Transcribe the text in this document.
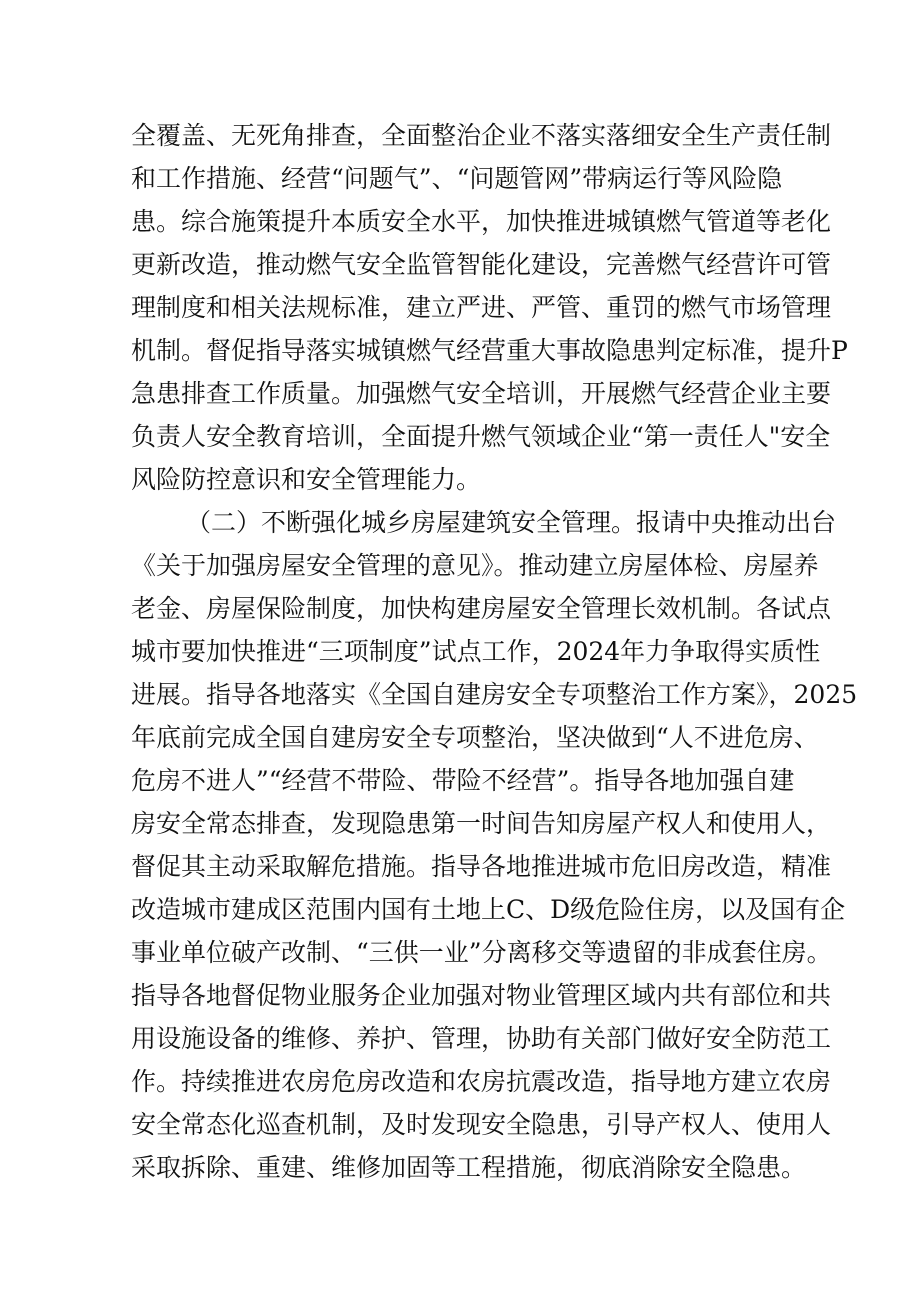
全覆盖、无死角排查，全面整治企业不落实落细安全生产责任制
和工作措施、经营“问题气”、“问题管网”带病运行等风险隐
患。综合施策提升本质安全水平，加快推进城镇燃气管道等老化
更新改造，推动燃气安全监管智能化建设，完善燃气经营许可管
理制度和相关法规标准，建立严进、严管、重罚的燃气市场管理
机制。督促指导落实城镇燃气经营重大事故隐患判定标准，提升P
急患排查工作质量。加强燃气安全培训，开展燃气经营企业主要
负责人安全教育培训，全面提升燃气领域企业“第一责任人"安全
风险防控意识和安全管理能力。
（二）不断强化城乡房屋建筑安全管理。报请中央推动出台
《关于加强房屋安全管理的意见》。推动建立房屋体检、房屋养
老金、房屋保险制度，加快构建房屋安全管理长效机制。各试点
城市要加快推进“三项制度”试点工作，2024年力争取得实质性
进展。指导各地落实《全国自建房安全专项整治工作方案》，2025
年底前完成全国自建房安全专项整治，坚决做到“人不进危房、
危房不进人”“经营不带险、带险不经营”。指导各地加强自建
房安全常态排查，发现隐患第一时间告知房屋产权人和使用人，
督促其主动采取解危措施。指导各地推进城市危旧房改造，精准
改造城市建成区范围内国有土地上C、D级危险住房，以及国有企
事业单位破产改制、“三供一业”分离移交等遗留的非成套住房。
指导各地督促物业服务企业加强对物业管理区域内共有部位和共
用设施设备的维修、养护、管理，协助有关部门做好安全防范工
作。持续推进农房危房改造和农房抗震改造，指导地方建立农房
安全常态化巡查机制，及时发现安全隐患，引导产权人、使用人
采取拆除、重建、维修加固等工程措施，彻底消除安全隐患。
